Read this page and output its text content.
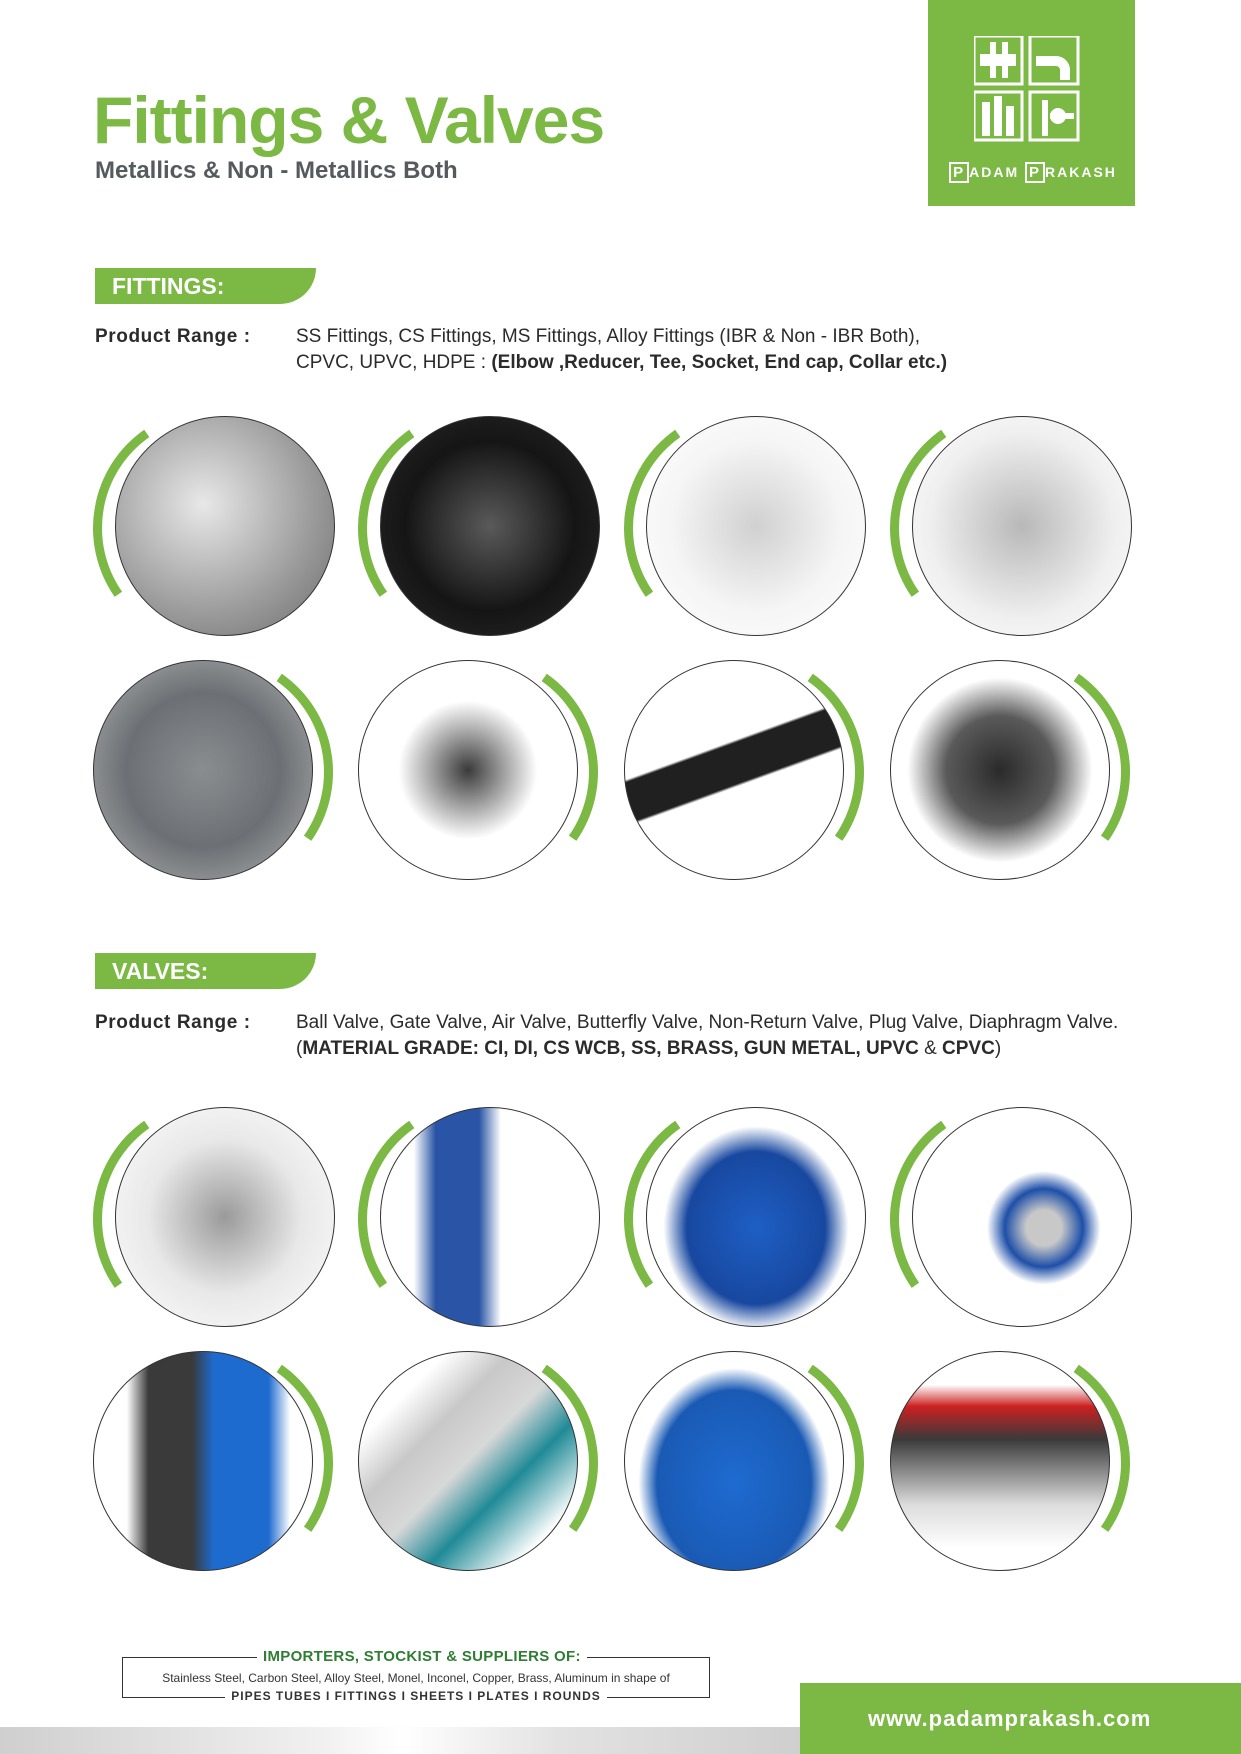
Fittings & Valves
Metallics & Non - Metallics Both	P ADAM P RAKASH
FITTINGS:
Product Range : SS Fittings, CS Fittings, MS Fittings, Alloy Fittings (IBR & Non - IBR Both),
CPVC, UPVC, HDPE : (Elbow ,Reducer, Tee, Socket, End cap, Collar etc.)
VALVES:
Product Range : Ball Valve, Gate Valve, Air Valve, Butterfly Valve, Non-Return Valve, Plug Valve, Diaphragm Valve.
(MATERIAL GRADE: CI, DI, CS WCB, SS, BRASS, GUN METAL, UPVC & CPVC)
IMPORTERS, STOCKIST & SUPPLIERS OF:
Stainless Steel, Carbon Steel, Alloy Steel, Monel, Inconel, Copper, Brass, Aluminum in shape of
PIPES TUBES I FITTINGS I SHEETS I PLATES I ROUNDS
www.padamprakash.com
